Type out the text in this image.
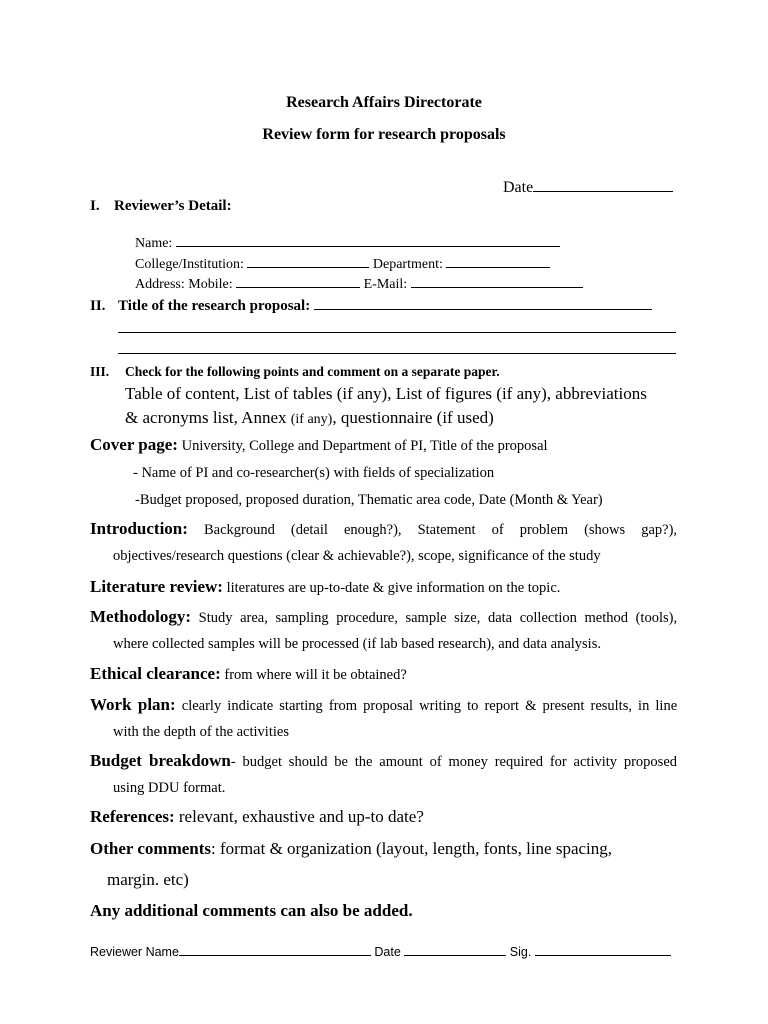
Research Affairs Directorate
Review form for research proposals
Date
I. Reviewer’s Detail:
Name:
College/Institution:	Department:
Address: Mobile:	E-Mail:
II. Title of the research proposal:
III. Check for the following points and comment on a separate paper.
Table of content, List of tables (if any), List of figures (if any), abbreviations
& acronyms list, Annex (if any), questionnaire (if used)
Cover page: University, College and Department of PI, Title of the proposal
- Name of PI and co-researcher(s) with fields of specialization
-Budget proposed, proposed duration, Thematic area code, Date (Month & Year)
Introduction: Background (detail enough?), Statement of problem (shows gap?),
objectives/research questions (clear & achievable?), scope, significance of the study
Literature review: literatures are up-to-date & give information on the topic.
Methodology: Study area, sampling procedure, sample size, data collection method (tools),
where collected samples will be processed (if lab based research), and data analysis.
Ethical clearance: from where will it be obtained?
Work plan: clearly indicate starting from proposal writing to report & present results, in line
with the depth of the activities
Budget breakdown- budget should be the amount of money required for activity proposed
using DDU format.
References: relevant, exhaustive and up-to date?
Other comments: format & organization (layout, length, fonts, line spacing,
margin. etc)
Any additional comments can also be added.
Reviewer Name	Date	Sig.
